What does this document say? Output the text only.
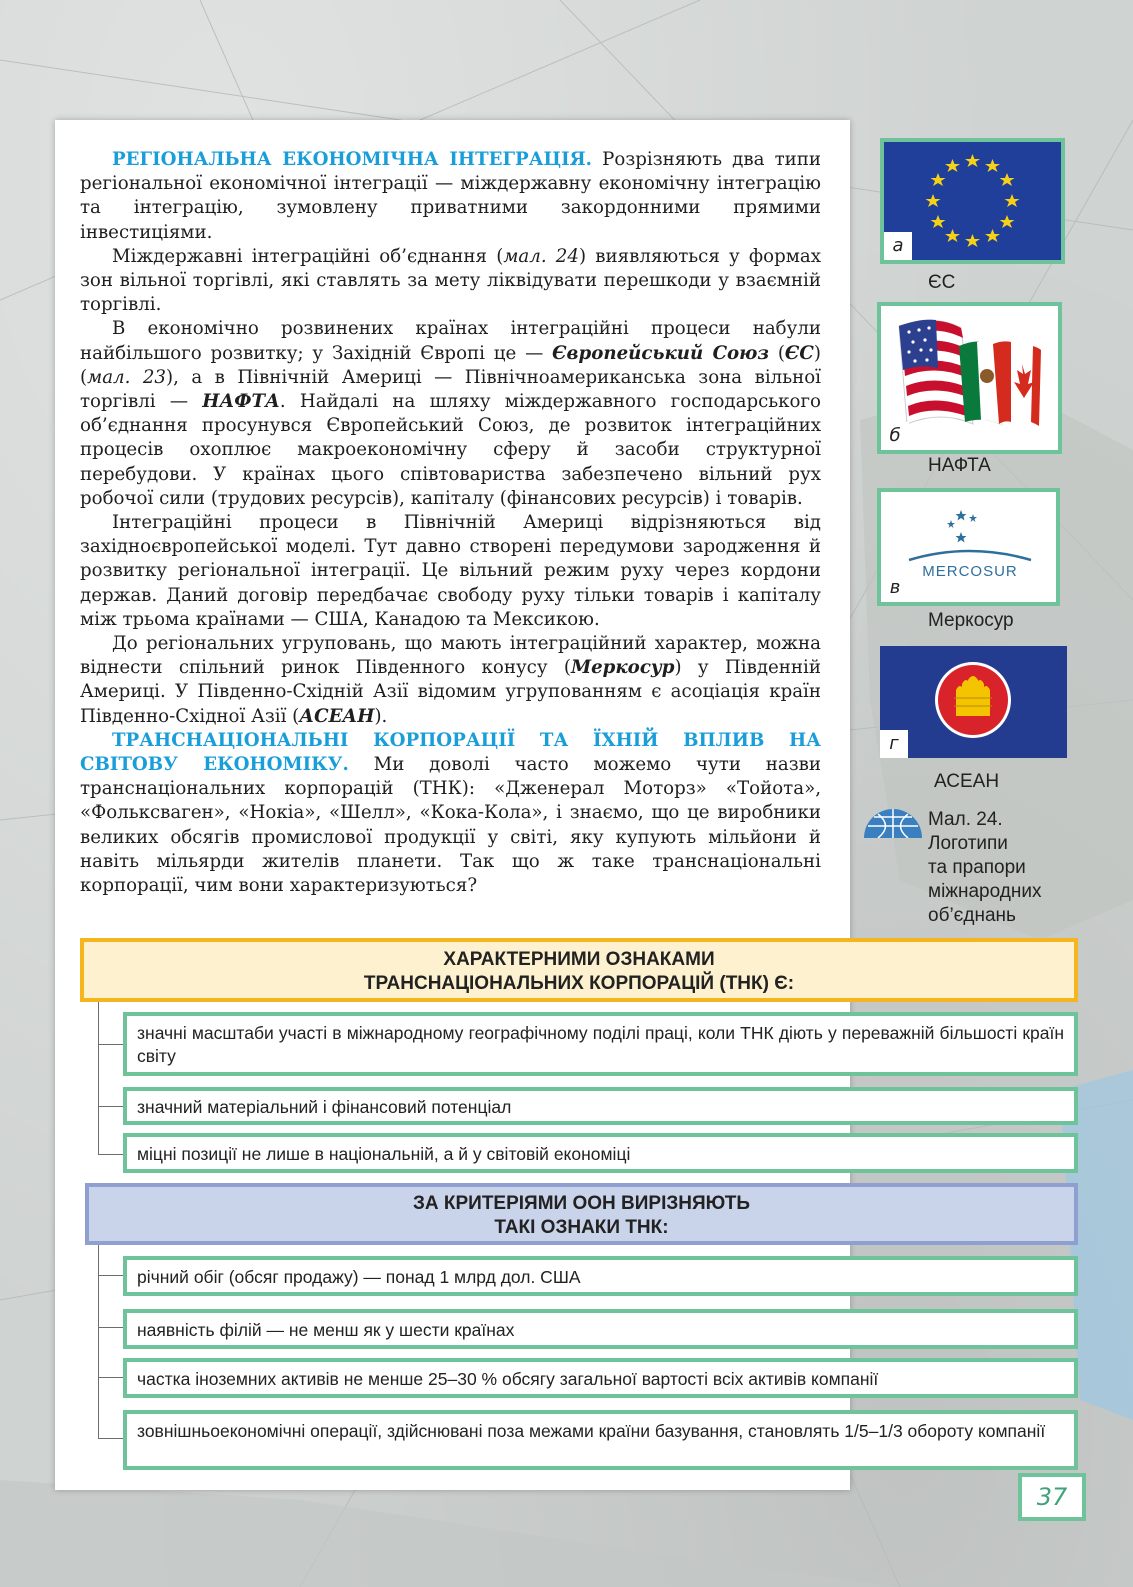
РЕГІОНАЛЬНА ЕКОНОМІЧНА ІНТЕГРАЦІЯ. Розрізняють два типи регіональної економічної інтеграції — міждержавну економічну інтеграцію та інтеграцію, зумовлену приватними закордонними прямими інвестиціями.

Міждержавні інтеграційні об’єднання (мал. 24) виявляються у формах зон вільної торгівлі, які ставлять за мету ліквідувати перешкоди у взаємній торгівлі.

В економічно розвинених країнах інтеграційні процеси набули найбільшого розвитку; у Західній Європі це — Європейський Союз (ЄС) (мал. 23), а в Північній Америці — Північноамериканська зона вільної торгівлі — НАФТА. Найдалі на шляху міждержавного господарського об’єднання просунувся Європейський Союз, де розвиток інтеграційних процесів охоплює макроекономічну сферу й засоби структурної перебудови. У країнах цього співтовариства забезпечено вільний рух робочої сили (трудових ресурсів), капіталу (фінансових ресурсів) і товарів.

Інтеграційні процеси в Північній Америці відрізняються від західноєвропейської моделі. Тут давно створені передумови зародження й розвитку регіональної інтеграції. Це вільний режим руху через кордони держав. Даний договір передбачає свободу руху тільки товарів і капіталу між трьома країнами — США, Канадою та Мексикою.

До регіональних угруповань, що мають інтеграційний характер, можна віднести спільний ринок Південного конусу (Меркосур) у Південній Америці. У Південно-Східній Азії відомим угрупованням є асоціація країн Південно-Східної Азії (АСЕАН).

ТРАНСНАЦІОНАЛЬНІ КОРПОРАЦІЇ ТА ЇХНІЙ ВПЛИВ НА СВІТОВУ ЕКОНОМІКУ. Ми доволі часто можемо чути назви транснаціональних корпорацій (ТНК): «Дженерал Моторз» «Тойота», «Фольксваген», «Нокіа», «Шелл», «Кока-Кола», і знаємо, що це виробники великих обсягів промислової продукції у світі, яку купують мільйони й навіть мільярди жителів планети. Так що ж таке транснаціональні корпорації, чим вони характеризуються?

а
ЄС
б
НАФТА
MERCOSUR
в
Меркосур
г
АСЕАН
Мал. 24.
Логотипи
та прапори
міжнародних
об’єднань
ХАРАКТЕРНИМИ ОЗНАКАМИ
ТРАНСНАЦІОНАЛЬНИХ КОРПОРАЦІЙ (ТНК) Є:
значні масштаби участі в міжнародному географічному поділі праці, коли ТНК діють у переважній більшості країн світу
значний матеріальний і фінансовий потенціал
міцні позиції не лише в національній, а й у світовій економіці
ЗА КРИТЕРІЯМИ ООН ВИРІЗНЯЮТЬ
ТАКІ ОЗНАКИ ТНК:
річний обіг (обсяг продажу) — понад 1 млрд дол. США
наявність філій — не менш як у шести країнах
частка іноземних активів не менше 25–30 % обсягу загальної вартості всіх активів компанії
зовнішньоекономічні операції, здійснювані поза межами країни базування, становлять 1/5–1/3 обороту компанії
37
